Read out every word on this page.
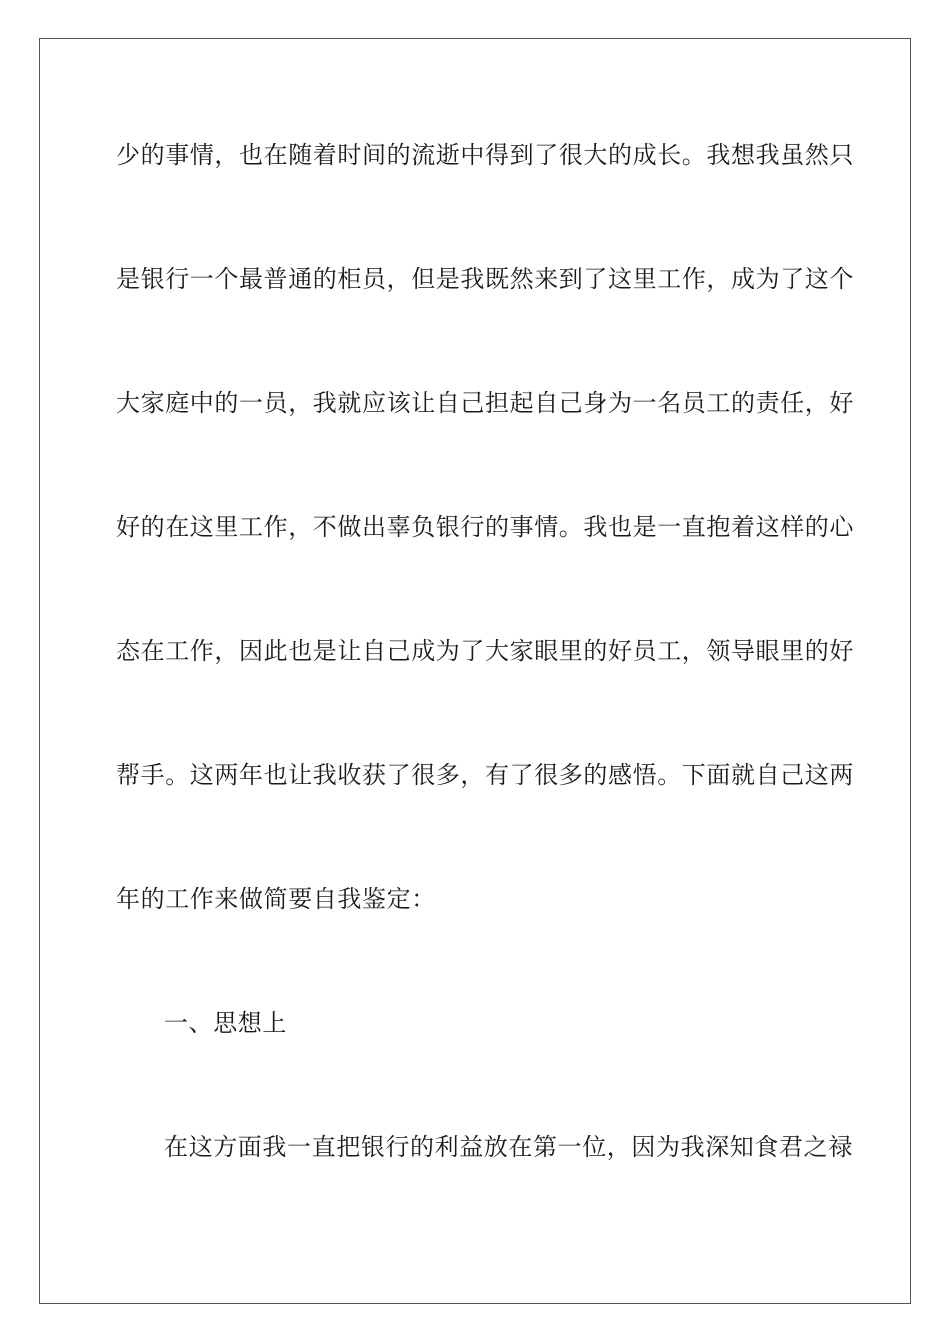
少的事情，也在随着时间的流逝中得到了很大的成长。我想我虽然只
是银行一个最普通的柜员，但是我既然来到了这里工作，成为了这个
大家庭中的一员，我就应该让自己担起自己身为一名员工的责任，好
好的在这里工作，不做出辜负银行的事情。我也是一直抱着这样的心
态在工作，因此也是让自己成为了大家眼里的好员工，领导眼里的好
帮手。这两年也让我收获了很多，有了很多的感悟。下面就自己这两
年的工作来做简要自我鉴定：
一、思想上
在这方面我一直把银行的利益放在第一位，因为我深知食君之禄
